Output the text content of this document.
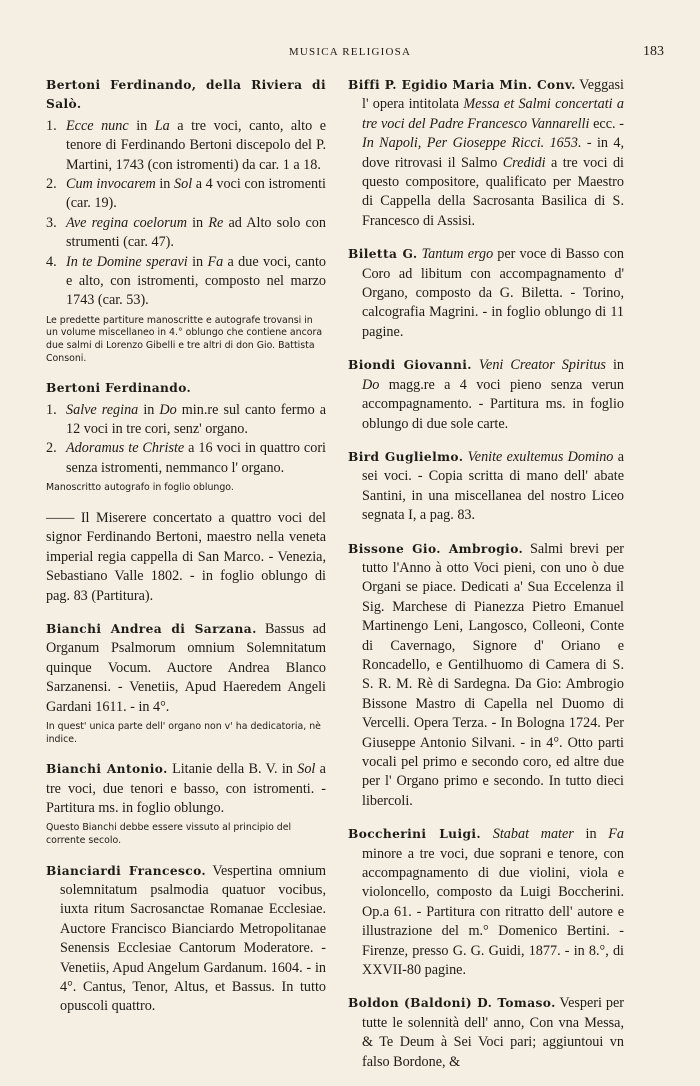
MUSICA RELIGIOSA	183
Bertoni Ferdinando, della Riviera di Salò.
1. Ecce nunc in La a tre voci, canto, alto e tenore di Ferdinando Bertoni discepolo del P. Martini, 1743 (con istromenti) da car. 1 a 18.
2. Cum invocarem in Sol a 4 voci con istromenti (car. 19).
3. Ave regina coelorum in Re ad Alto solo con strumenti (car. 47).
4. In te Domine speravi in Fa a due voci, canto e alto, con istromenti, composto nel marzo 1743 (car. 53).

Le predette partiture manoscritte e autografe trovansi in un volume miscellaneo in 4.° oblungo che contiene ancora due salmi di Lorenzo Gibelli e tre altri di don Gio. Battista Consoni.

Bertoni Ferdinando.
1. Salve regina in Do min.re sul canto fermo a 12 voci in tre cori, senz' organo.
2. Adoramus te Christe a 16 voci in quattro cori senza istromenti, nemmanco l' organo.

Manoscritto autografo in foglio oblungo.

—— Il Miserere concertato a quattro voci del signor Ferdinando Bertoni, maestro nella veneta imperial regia cappella di San Marco. - Venezia, Sebastiano Valle 1802. - in foglio oblungo di pag. 83 (Partitura).
Bianchi Andrea di Sarzana. Bassus ad Organum Psalmorum omnium Solemnitatum quinque Vocum. Auctore Andrea Blanco Sarzanensi. - Venetiis, Apud Haeredem Angeli Gardani 1611. - in 4°.

In quest' unica parte dell' organo non v' ha dedicatoria, nè indice.

Bianchi Antonio. Litanie della B. V. in Sol a tre voci, due tenori e basso, con istromenti. - Partitura ms. in foglio oblungo.

Questo Bianchi debbe essere vissuto al principio del corrente secolo.

Bianciardi Francesco. Vespertina omnium solemnitatum psalmodia quatuor vocibus, iuxta ritum Sacrosanctae Romanae Ecclesiae. Auctore Francisco Bianciardo Metropolitanae Senensis Ecclesiae Cantorum Moderatore. - Venetiis, Apud Angelum Gardanum. 1604. - in 4°. Cantus, Tenor, Altus, et Bassus. In tutto opuscoli quattro.
Biffi P. Egidio Maria Min. Conv. Veggasi l' opera intitolata Messa et Salmi concertati a tre voci del Padre Francesco Vannarelli ecc. - In Napoli, Per Gioseppe Ricci. 1653. - in 4, dove ritrovasi il Salmo Credidi a tre voci di questo compositore, qualificato per Maestro di Cappella della Sacrosanta Basilica di S. Francesco di Assisi.
Biletta G. Tantum ergo per voce di Basso con Coro ad libitum con accompagnamento d' Organo, composto da G. Biletta. - Torino, calcografia Magrini. - in foglio oblungo di 11 pagine.
Biondi Giovanni. Veni Creator Spiritus in Do magg.re a 4 voci pieno senza verun accompagnamento. - Partitura ms. in foglio oblungo di due sole carte.
Bird Guglielmo. Venite exultemus Domino a sei voci. - Copia scritta di mano dell' abate Santini, in una miscellanea del nostro Liceo segnata I, a pag. 83.
Bissone Gio. Ambrogio. Salmi brevi per tutto l'Anno à otto Voci pieni, con uno ò due Organi se piace. Dedicati a' Sua Eccelenza il Sig. Marchese di Pianezza Pietro Emanuel Martinengo Leni, Langosco, Colleoni, Conte di Cavernago, Signore d' Oriano e Roncadello, e Gentilhuomo di Camera di S. S. R. M. Rè di Sardegna. Da Gio: Ambrogio Bissone Mastro di Capella nel Duomo di Vercelli. Opera Terza. - In Bologna 1724. Per Giuseppe Antonio Silvani. - in 4°. Otto parti vocali pel primo e secondo coro, ed altre due per l' Organo primo e secondo. In tutto dieci libercoli.
Boccherini Luigi. Stabat mater in Fa minore a tre voci, due soprani e tenore, con accompagnamento di due violini, viola e violoncello, composto da Luigi Boccherini. Op.a 61. - Partitura con ritratto dell' autore e illustrazione del m.° Domenico Bertini. - Firenze, presso G. G. Guidi, 1877. - in 8.°, di XXVII-80 pagine.
Boldon (Baldoni) D. Tomaso. Vesperi per tutte le solennità dell' anno, Con vna Messa, & Te Deum à Sei Voci pari; aggiuntoui vn falso Bordone, &
